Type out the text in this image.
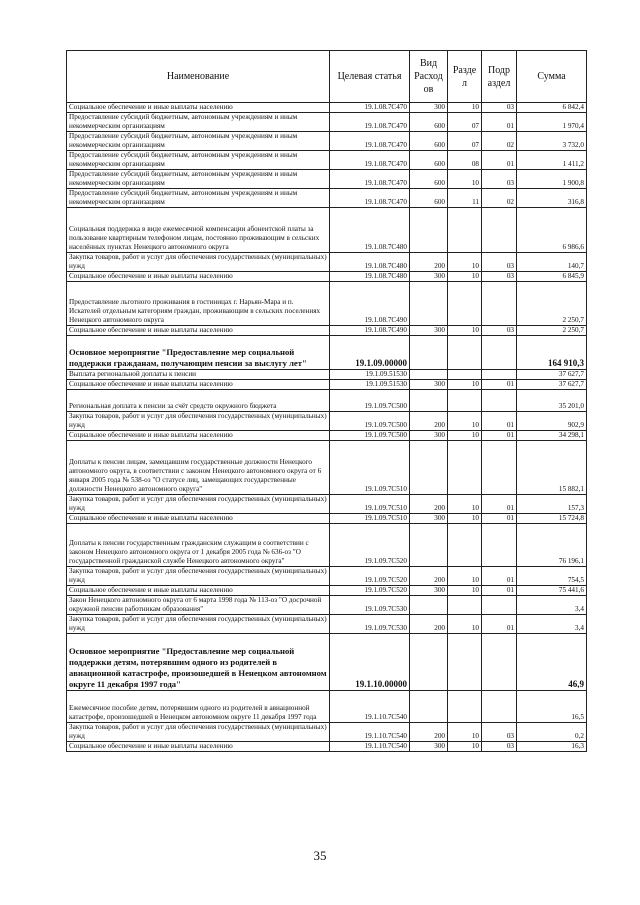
Наименование	Целевая статья	Вид Расход ов	Разде л	Подр аздел	Сумма
Социальное обеспечение и иные выплаты населению	19.1.08.7С470	300	10	03	6 842,4
Предоставление субсидий бюджетным, автономным учреждениям и иным некоммерческим организациям	19.1.08.7С470	600	07	01	1 970,4
Предоставление субсидий бюджетным, автономным учреждениям и иным некоммерческим организациям	19.1.08.7С470	600	07	02	3 732,0
Предоставление субсидий бюджетным, автономным учреждениям и иным некоммерческим организациям	19.1.08.7С470	600	08	01	1 411,2
Предоставление субсидий бюджетным, автономным учреждениям и иным некоммерческим организациям	19.1.08.7С470	600	10	03	1 900,8
Предоставление субсидий бюджетным, автономным учреждениям и иным некоммерческим организациям	19.1.08.7С470	600	11	02	316,8
Социальная поддержка в виде ежемесячной компенсации абонентской платы за пользование квартирным телефоном лицам, постоянно проживающим в сельских населённых пунктах Ненецкого автономного округа	19.1.08.7С480				6 986,6
Закупка товаров, работ и услуг для обеспечения государственных (муниципальных) нужд	19.1.08.7С480	200	10	03	140,7
Социальное обеспечение и иные выплаты населению	19.1.08.7С480	300	10	03	6 845,9
Предоставление льготного проживания в гостиницах г. Нарьян-Мара и п. Искателей отдельным категориям граждан, проживающим в сельских поселениях Ненецкого автономного округа	19.1.08.7С490				2 250,7
Социальное обеспечение и иные выплаты населению	19.1.08.7С490	300	10	03	2 250,7
Основное мероприятие "Предоставление мер социальной поддержки гражданам, получающим пенсии за выслугу лет"	19.1.09.00000				164 910,3
Выплата региональной доплаты к пенсии	19.1.09.51530				37 627,7
Социальное обеспечение и иные выплаты населению	19.1.09.51530	300	10	01	37 627,7
Региональная доплата к пенсии за счёт средств окружного бюджета	19.1.09.7С500				35 201,0
Закупка товаров, работ и услуг для обеспечения государственных (муниципальных) нужд	19.1.09.7С500	200	10	01	902,9
Социальное обеспечение и иные выплаты населению	19.1.09.7С500	300	10	01	34 298,1
Доплаты к пенсии лицам, замещавшим государственные должности Ненецкого автономного округа, в соответствии с законом Ненецкого автономного округа от 6 января 2005 года № 538-оз "О статусе лиц, замещающих государственные должности Ненецкого автономного округа"	19.1.09.7С510				15 882,1
Закупка товаров, работ и услуг для обеспечения государственных (муниципальных) нужд	19.1.09.7С510	200	10	01	157,3
Социальное обеспечение и иные выплаты населению	19.1.09.7С510	300	10	01	15 724,8
Доплаты к пенсии государственным гражданским служащим в соответствии с законом Ненецкого автономного округа от 1 декабря 2005 года № 636-оз "О государственной гражданской службе Ненецкого автономного округа"	19.1.09.7С520				76 196,1
Закупка товаров, работ и услуг для обеспечения государственных (муниципальных) нужд	19.1.09.7С520	200	10	01	754,5
Социальное обеспечение и иные выплаты населению	19.1.09.7С520	300	10	01	75 441,6
Закон Ненецкого автономного округа от 6 марта 1998 года № 113-оз "О досрочной окружной пенсии работникам образования"	19.1.09.7С530				3,4
Закупка товаров, работ и услуг для обеспечения государственных (муниципальных) нужд	19.1.09.7С530	200	10	01	3,4
Основное мероприятие "Предоставление мер социальной поддержки детям, потерявшим одного из родителей в авиационной катастрофе, произошедшей в Ненецком автономном округе 11 декабря 1997 года"	19.1.10.00000				46,9
Ежемесячное пособие детям, потерявшим одного из родителей в авиационной катастрофе, произошедшей в Ненецком автономном округе 11 декабря 1997 года	19.1.10.7С540				16,5
Закупка товаров, работ и услуг для обеспечения государственных (муниципальных) нужд	19.1.10.7С540	200	10	03	0,2
Социальное обеспечение и иные выплаты населению	19.1.10.7С540	300	10	03	16,3
35
